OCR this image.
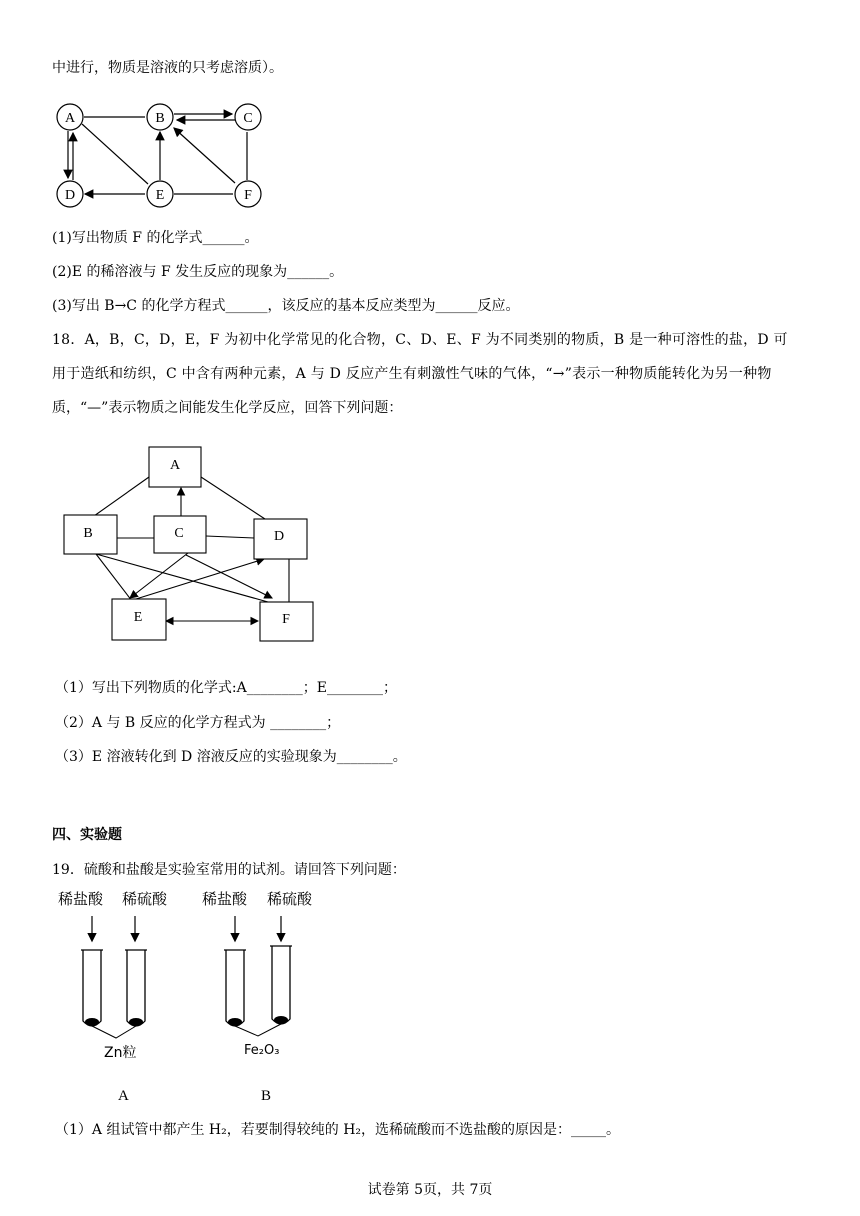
中进行，物质是溶液的只考虑溶质）。
A	B	C
D	E	F
(1)写出物质 F 的化学式______。
(2)E 的稀溶液与 F 发生反应的现象为______。
(3)写出 B→C 的化学方程式______，该反应的基本反应类型为______反应。
18．A，B，C，D，E，F 为初中化学常见的化合物，C、D、E、F 为不同类别的物质，B 是一种可溶性的盐，D 可
用于造纸和纺织，C 中含有两种元素，A 与 D 反应产生有刺激性气味的气体，“→”表示一种物质能转化为另一种物
质，“—”表示物质之间能发生化学反应，回答下列问题：
A
B	C	D
E	F
（1）写出下列物质的化学式:A________；E________；
（2）A 与 B 反应的化学方程式为 ________；
（3）E 溶液转化到 D 溶液反应的实验现象为________。
四、实验题
19．硫酸和盐酸是实验室常用的试剂。请回答下列问题：
稀盐酸 稀硫酸 稀盐酸 稀硫酸
Zn粒	Fe₂O₃
A	B
（1）A 组试管中都产生 H₂，若要制得较纯的 H₂，选稀硫酸而不选盐酸的原因是：_____。
试卷第 5页，共 7页
